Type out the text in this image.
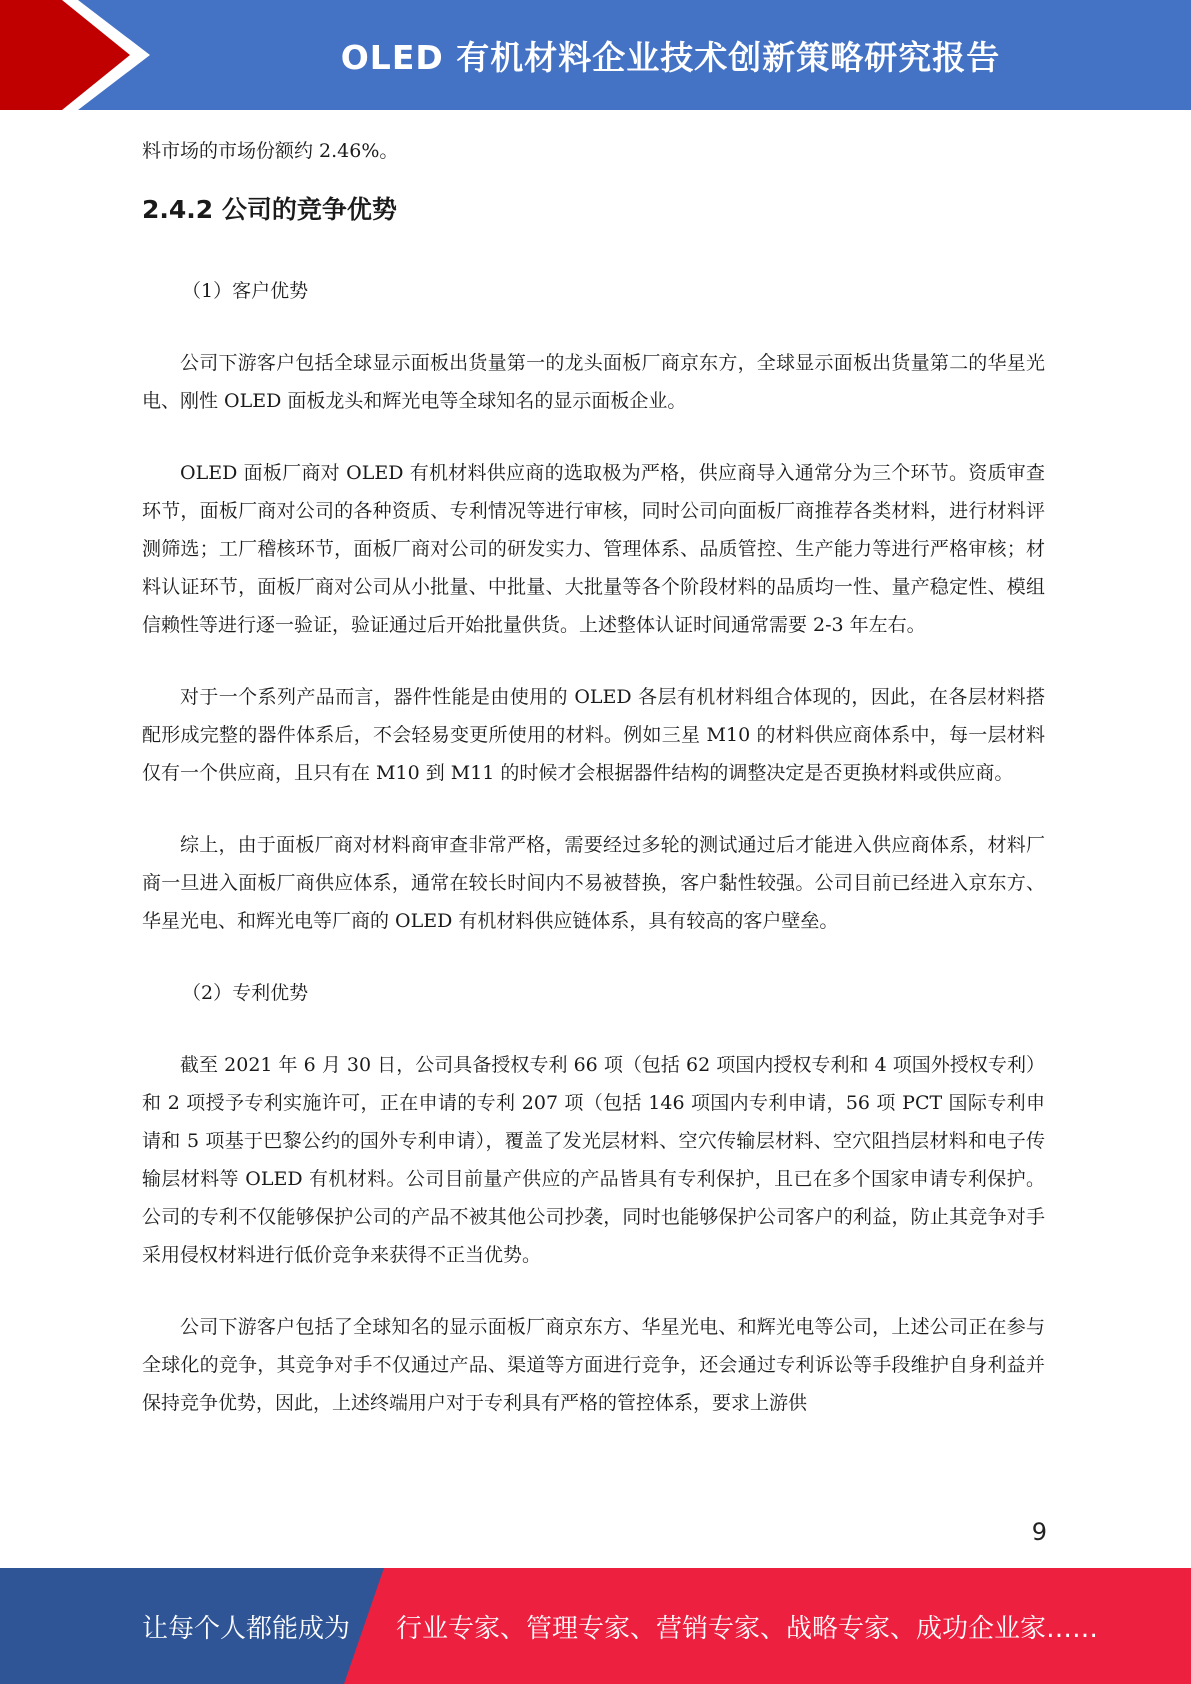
OLED 有机材料企业技术创新策略研究报告

料市场的市场份额约 2.46%。

2.4.2 公司的竞争优势

（1）客户优势

公司下游客户包括全球显示面板出货量第一的龙头面板厂商京东方，全球显示面板出货量第二的华星光电、刚性 OLED 面板龙头和辉光电等全球知名的显示面板企业。

OLED 面板厂商对 OLED 有机材料供应商的选取极为严格，供应商导入通常分为三个环节。资质审查环节，面板厂商对公司的各种资质、专利情况等进行审核，同时公司向面板厂商推荐各类材料，进行材料评测筛选；工厂稽核环节，面板厂商对公司的研发实力、管理体系、品质管控、生产能力等进行严格审核；材料认证环节，面板厂商对公司从小批量、中批量、大批量等各个阶段材料的品质均一性、量产稳定性、模组信赖性等进行逐一验证，验证通过后开始批量供货。上述整体认证时间通常需要 2-3 年左右。

对于一个系列产品而言，器件性能是由使用的 OLED 各层有机材料组合体现的，因此，在各层材料搭配形成完整的器件体系后，不会轻易变更所使用的材料。例如三星 M10 的材料供应商体系中，每一层材料仅有一个供应商，且只有在 M10 到 M11 的时候才会根据器件结构的调整决定是否更换材料或供应商。

综上，由于面板厂商对材料商审查非常严格，需要经过多轮的测试通过后才能进入供应商体系，材料厂商一旦进入面板厂商供应体系，通常在较长时间内不易被替换，客户黏性较强。公司目前已经进入京东方、华星光电、和辉光电等厂商的 OLED 有机材料供应链体系，具有较高的客户壁垒。

（2）专利优势

截至 2021 年 6 月 30 日，公司具备授权专利 66 项（包括 62 项国内授权专利和 4 项国外授权专利）和 2 项授予专利实施许可，正在申请的专利 207 项（包括 146 项国内专利申请，56 项 PCT 国际专利申请和 5 项基于巴黎公约的国外专利申请），覆盖了发光层材料、空穴传输层材料、空穴阻挡层材料和电子传输层材料等 OLED 有机材料。公司目前量产供应的产品皆具有专利保护，且已在多个国家申请专利保护。公司的专利不仅能够保护公司的产品不被其他公司抄袭，同时也能够保护公司客户的利益，防止其竞争对手采用侵权材料进行低价竞争来获得不正当优势。

公司下游客户包括了全球知名的显示面板厂商京东方、华星光电、和辉光电等公司，上述公司正在参与全球化的竞争，其竞争对手不仅通过产品、渠道等方面进行竞争，还会通过专利诉讼等手段维护自身利益并保持竞争优势，因此，上述终端用户对于专利具有严格的管控体系，要求上游供

9
让每个人都能成为 行业专家、管理专家、营销专家、战略专家、成功企业家……
